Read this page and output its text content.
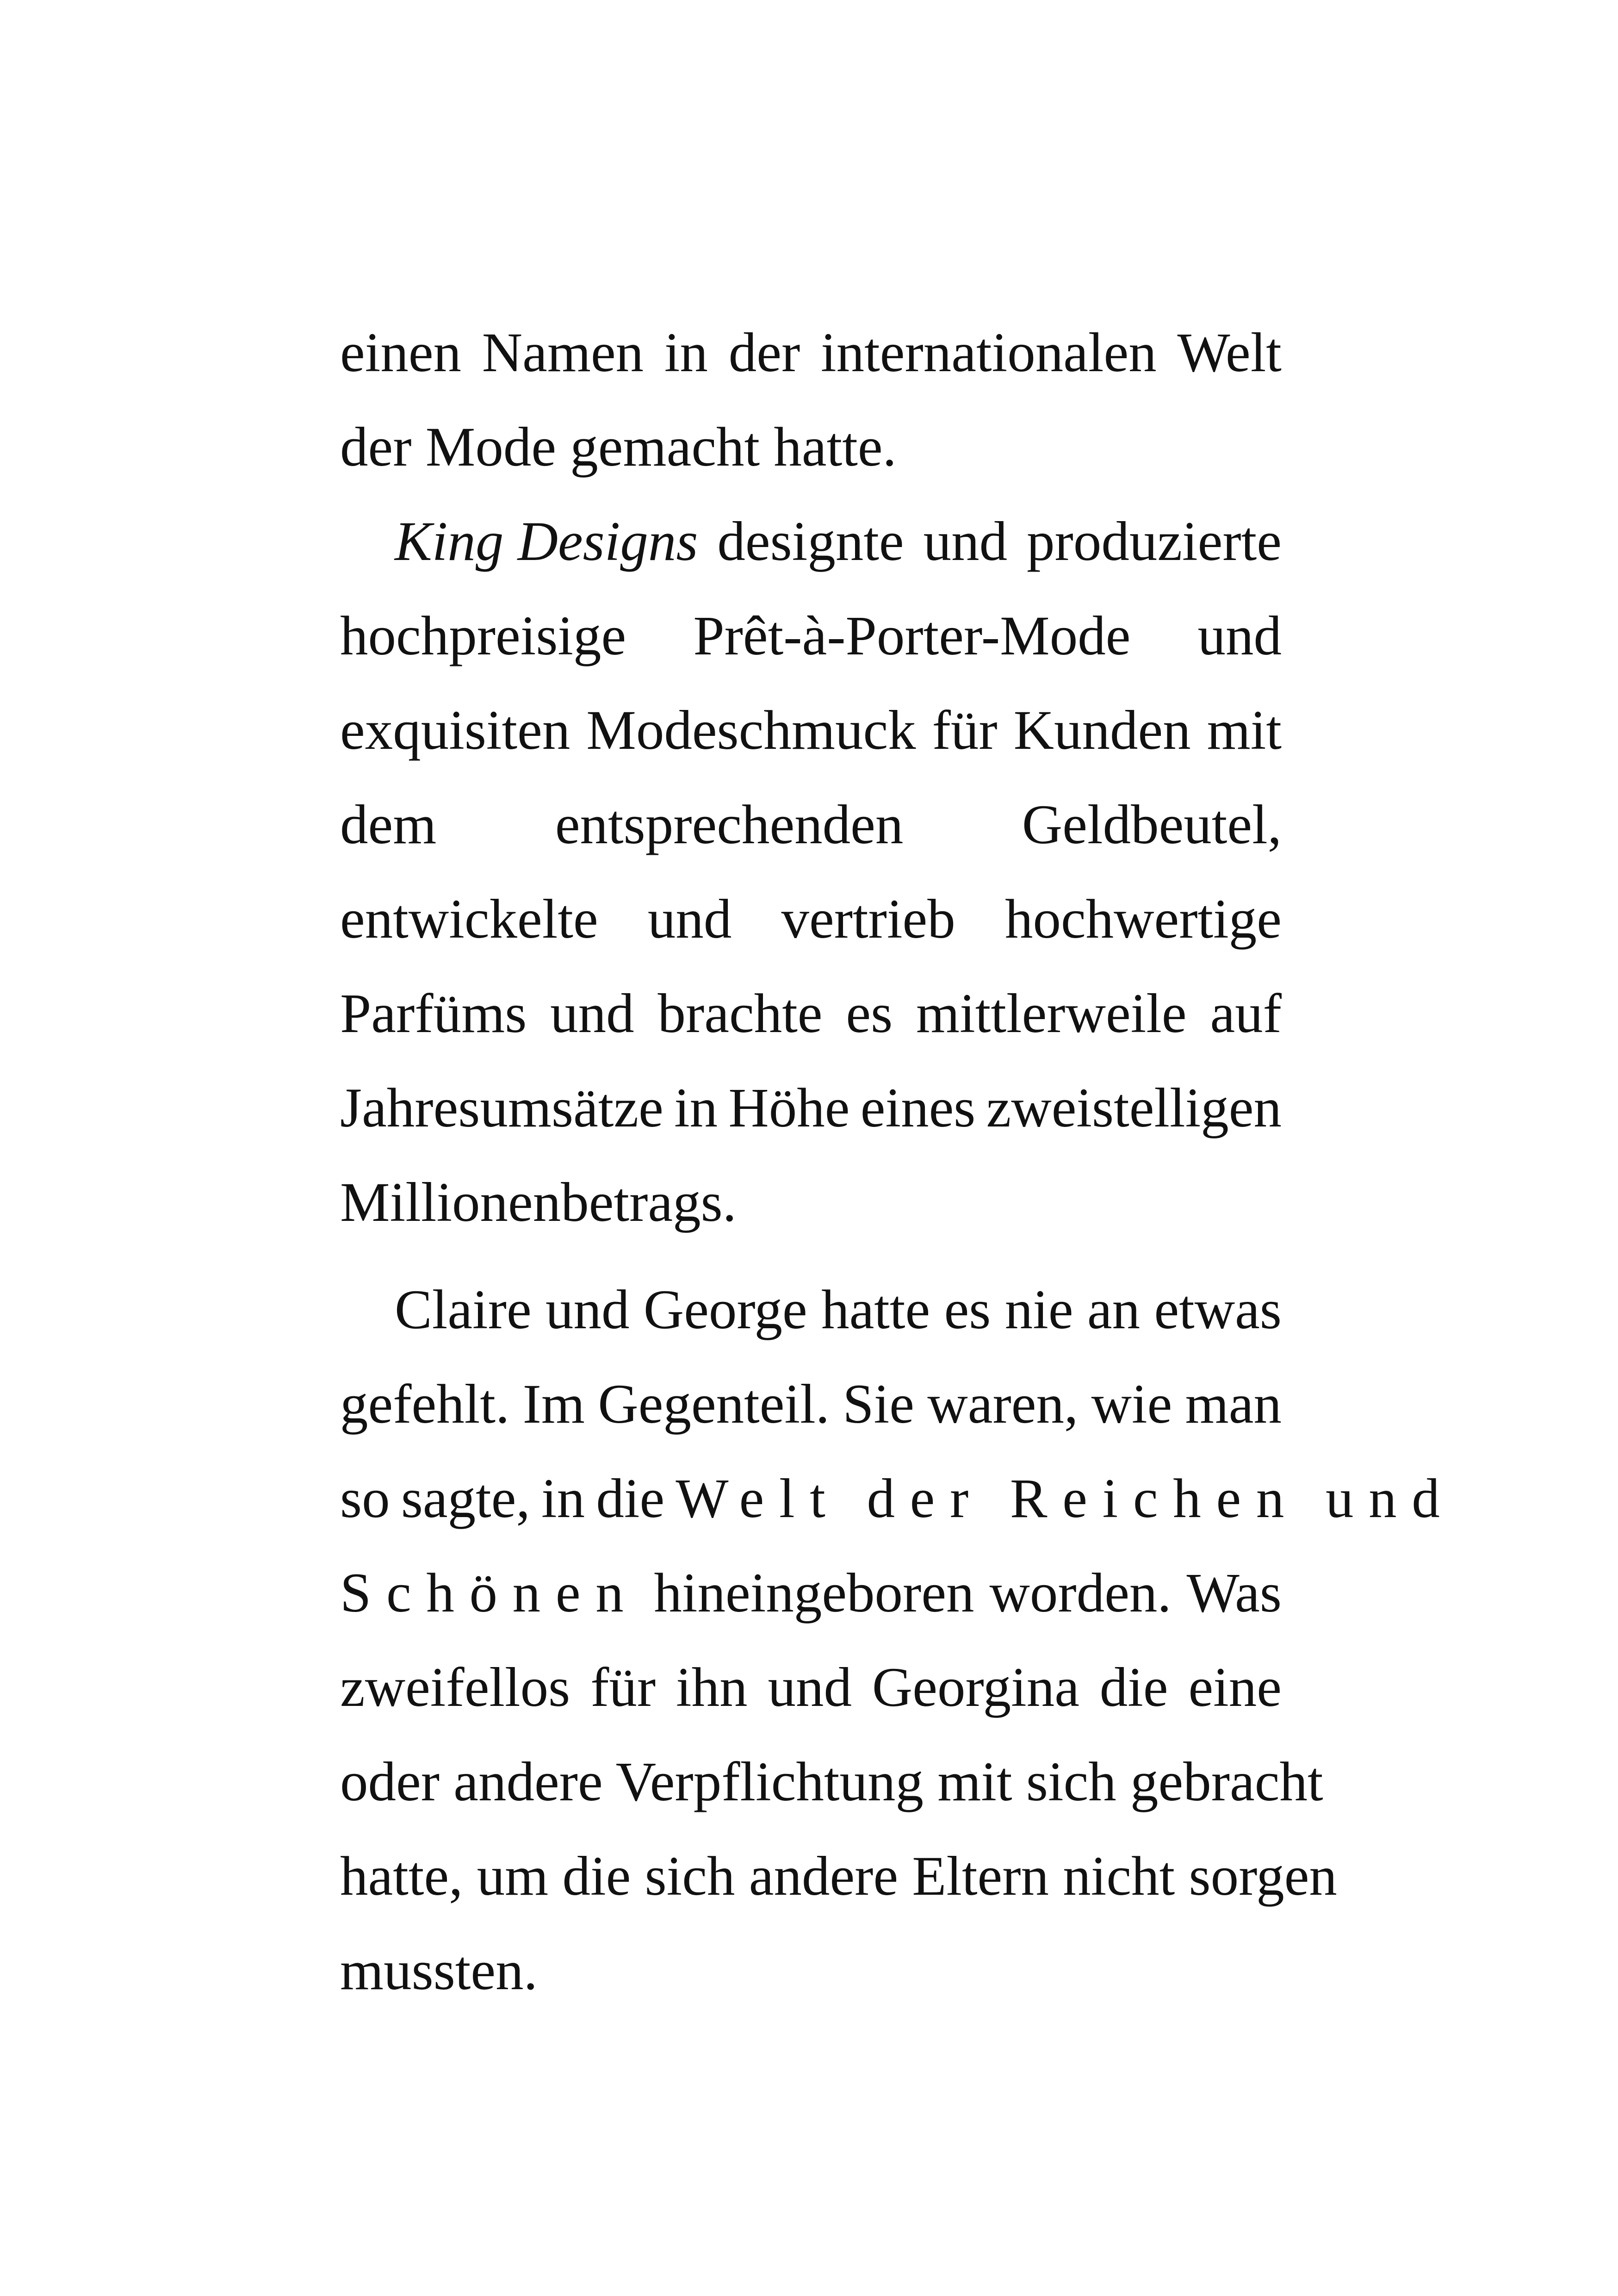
einen Namen in der internationalen Welt
der Mode gemacht hatte.
King Designs designte und produzierte
hochpreisige Prêt-à-Porter-Mode und
exquisiten Modeschmuck für Kunden mit
dem entsprechenden Geldbeutel,
entwickelte und vertrieb hochwertige
Parfüms und brachte es mittlerweile auf
Jahresumsätze in Höhe eines zweistelligen
Millionenbetrags.
Claire und George hatte es nie an etwas
gefehlt. Im Gegenteil. Sie waren, wie man
so sagte, in die Welt der Reichen und
Schönen hineingeboren worden. Was
zweifellos für ihn und Georgina die eine
oder andere Verpflichtung mit sich gebracht
hatte, um die sich andere Eltern nicht sorgen
mussten.
